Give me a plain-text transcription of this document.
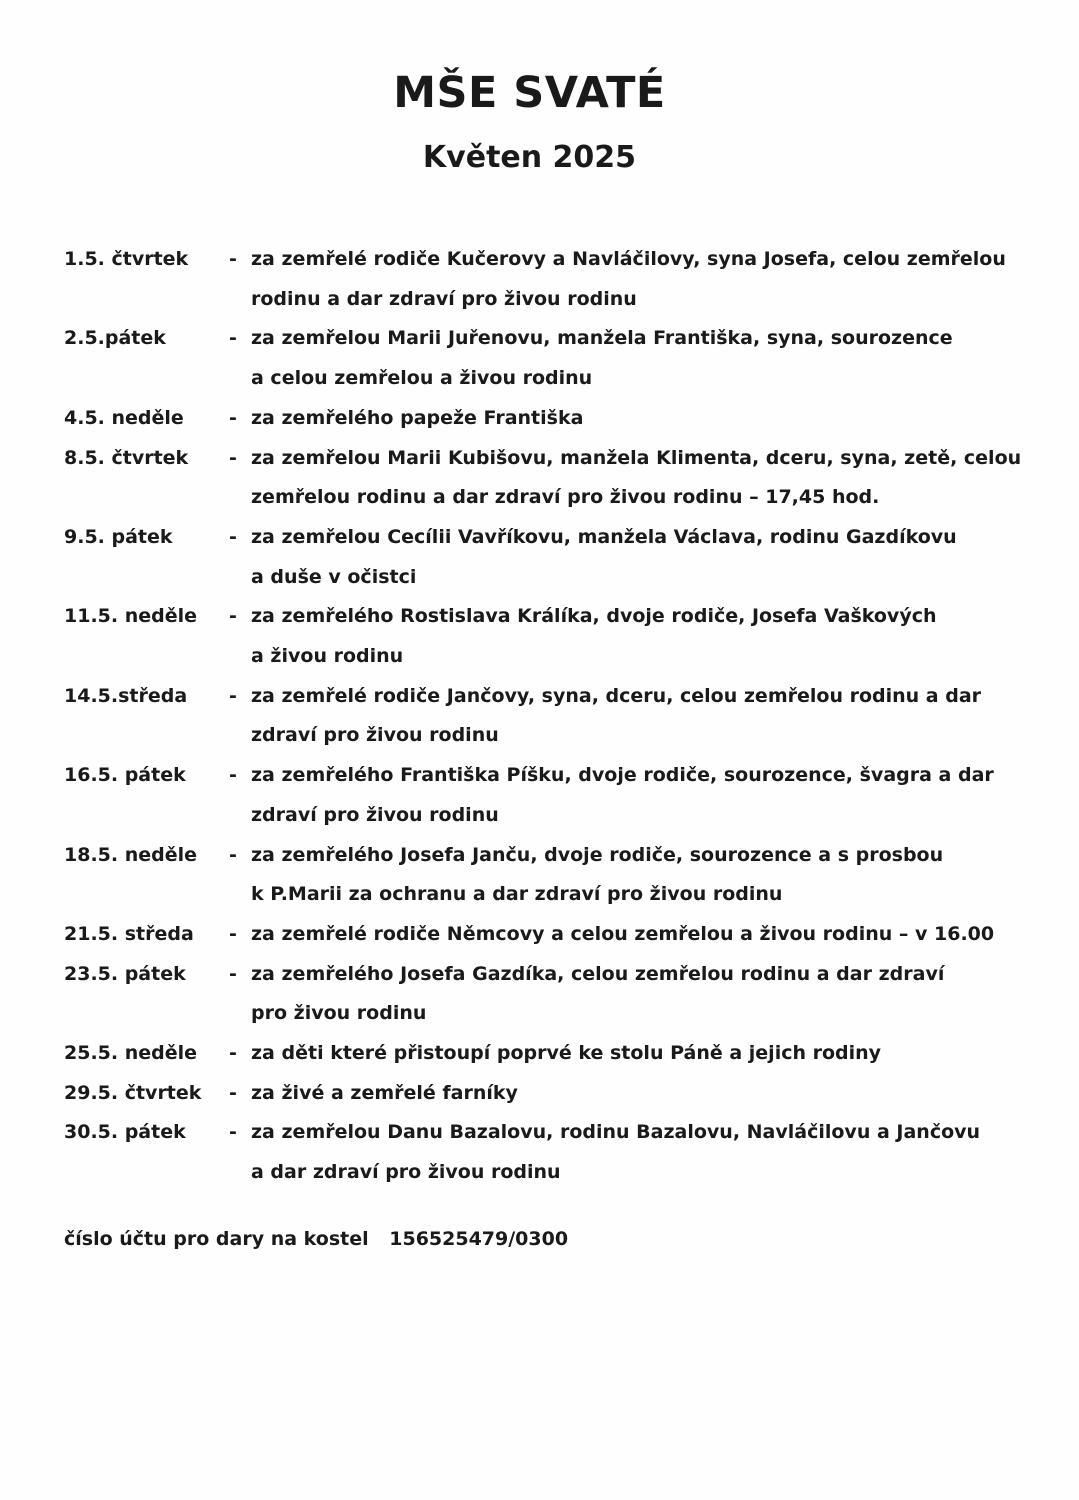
MŠE SVATÉ
Květen 2025
1.5. čtvrtek	- za zemřelé rodiče Kučerovy a Navláčilovy, syna Josefa, celou zemřelou
rodinu a dar zdraví pro živou rodinu
2.5.pátek	- za zemřelou Marii Juřenovu, manžela Františka, syna, sourozence
a celou zemřelou a živou rodinu
4.5. neděle	- za zemřelého papeže Františka
8.5. čtvrtek	- za zemřelou Marii Kubišovu, manžela Klimenta, dceru, syna, zetě, celou
zemřelou rodinu a dar zdraví pro živou rodinu – 17,45 hod.
9.5. pátek	- za zemřelou Cecílii Vavříkovu, manžela Václava, rodinu Gazdíkovu
a duše v očistci
11.5. neděle	- za zemřelého Rostislava Králíka, dvoje rodiče, Josefa Vaškových
a živou rodinu
14.5.středa	- za zemřelé rodiče Jančovy, syna, dceru, celou zemřelou rodinu a dar
zdraví pro živou rodinu
16.5. pátek	- za zemřelého Františka Píšku, dvoje rodiče, sourozence, švagra a dar
zdraví pro živou rodinu
18.5. neděle	- za zemřelého Josefa Janču, dvoje rodiče, sourozence a s prosbou
k P.Marii za ochranu a dar zdraví pro živou rodinu
21.5. středa	- za zemřelé rodiče Němcovy a celou zemřelou a živou rodinu – v 16.00
23.5. pátek	- za zemřelého Josefa Gazdíka, celou zemřelou rodinu a dar zdraví
pro živou rodinu
25.5. neděle	- za děti které přistoupí poprvé ke stolu Páně a jejich rodiny
29.5. čtvrtek	- za živé a zemřelé farníky
30.5. pátek	- za zemřelou Danu Bazalovu, rodinu Bazalovu, Navláčilovu a Jančovu
a dar zdraví pro živou rodinu
číslo účtu pro dary na kostel 156525479/0300
